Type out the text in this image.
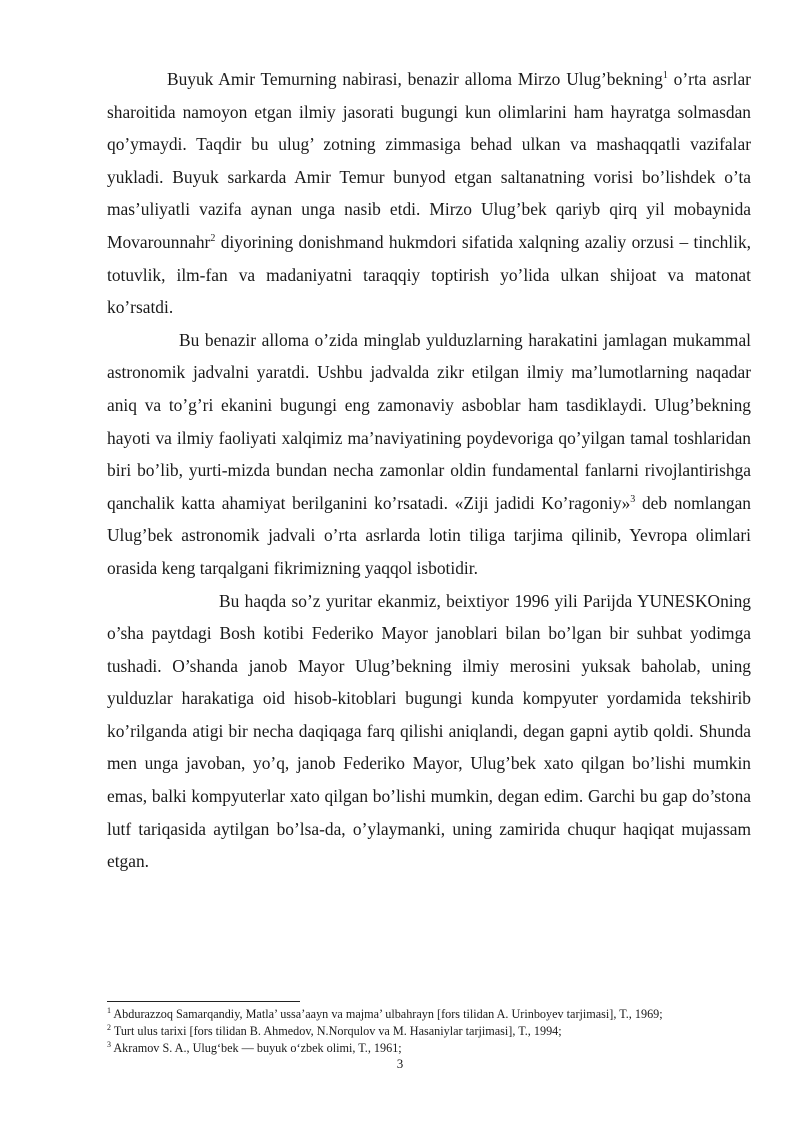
Buyuk Amir Temurning nabirasi, benazir alloma Mirzo Ulug’bekning$^1$ o’rta asrlar sharoitida namoyon etgan ilmiy jasorati bugungi kun olimlarini ham hayratga solmasdan qo’ymaydi. Taqdir bu ulug’ zotning zimmasiga behad ulkan va mashaqqatli vazifalar yukladi. Buyuk sarkarda Amir Temur bunyod etgan saltanatning vorisi bo’lishdek o’ta mas’uliyatli vazifa aynan unga nasib etdi. Mirzo Ulug’bek qariyb qirq yil mobaynida Movarounnahr$^2$ diyorining donishmand hukmdori sifatida xalqning azaliy orzusi – tinchlik, totuvlik, ilm-fan va madaniyatni taraqqiy toptirish yo’lida ulkan shijoat va matonat ko’rsatdi.

Bu benazir alloma o’zida minglab yulduzlarning harakatini jamlagan mukammal astronomik jadvalni yaratdi. Ushbu jadvalda zikr etilgan ilmiy ma’lumotlarning naqadar aniq va to’g’ri ekanini bugungi eng zamonaviy asboblar ham tasdiklaydi. Ulug’bekning hayoti va ilmiy faoliyati xalqimiz ma’naviyatining poydevoriga qo’yilgan tamal toshlaridan biri bo’lib, yurti-mizda bundan necha zamonlar oldin fundamental fanlarni rivojlantirishga qanchalik katta ahamiyat berilganini ko’rsatadi. «Ziji jadidi Ko’ragoniy»$^3$ deb nomlangan Ulug’bek astronomik jadvali o’rta asrlarda lotin tiliga tarjima qilinib, Yevropa olimlari orasida keng tarqalgani fikrimizning yaqqol isbotidir.

Bu haqda so’z yuritar ekanmiz, beixtiyor 1996 yili Parijda YUNESKOning o’sha paytdagi Bosh kotibi Federiko Mayor janoblari bilan bo’lgan bir suhbat yodimga tushadi. O’shanda janob Mayor Ulug’bekning ilmiy merosini yuksak baholab, uning yulduzlar harakatiga oid hisob-kitoblari bugungi kunda kompyuter yordamida tekshirib ko’rilganda atigi bir necha daqiqaga farq qilishi aniqlandi, degan gapni aytib qoldi. Shunda men unga javoban, yo’q, janob Federiko Mayor, Ulug’bek xato qilgan bo’lishi mumkin emas, balki kompyuterlar xato qilgan bo’lishi mumkin, degan edim. Garchi bu gap do’stona lutf tariqasida aytilgan bo’lsa-da, o’ylaymanki, uning zamirida chuqur haqiqat mujassam etgan.

$^1$ Abdurazzoq Samarqandiy, Matla’ ussa’aayn va majma’ ulbahrayn [fors tilidan A. Urinboyev tarjimasi], T., 1969;
$^2$ Turt ulus tarixi [fors tilidan B. Ahmedov, N.Norqulov va M. Hasaniylar tarjimasi], T., 1994;
$^3$ Akramov S. A., Ulug‘bek — buyuk o‘zbek olimi, T., 1961;
3
